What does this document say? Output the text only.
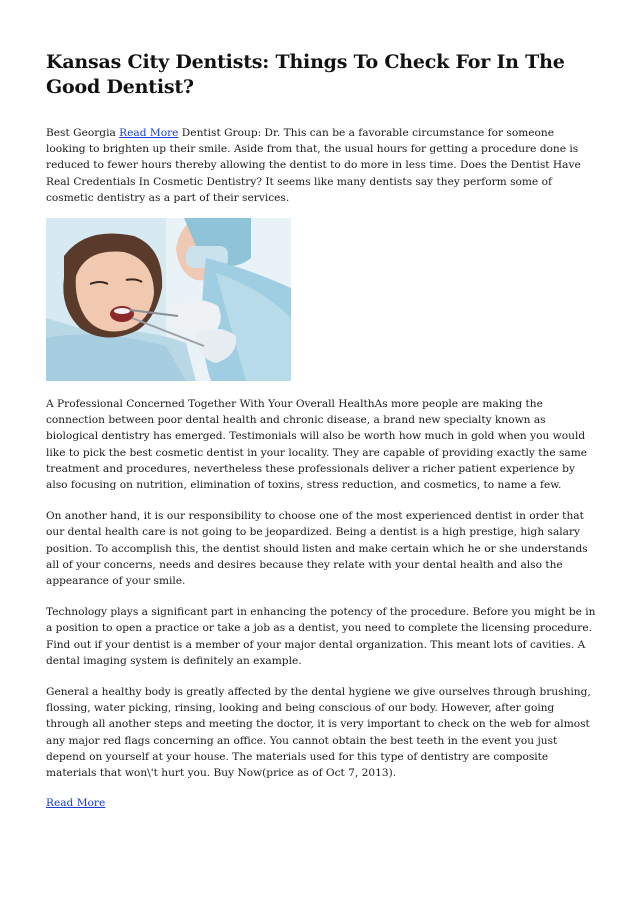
Kansas City Dentists: Things To Check For In The Good Dentist?

Best Georgia Read More Dentist Group: Dr. This can be a favorable circumstance for someone looking to brighten up their smile. Aside from that, the usual hours for getting a procedure done is reduced to fewer hours thereby allowing the dentist to do more in less time. Does the Dentist Have Real Credentials In Cosmetic Dentistry? It seems like many dentists say they perform some of cosmetic dentistry as a part of their services.

A Professional Concerned Together With Your Overall HealthAs more people are making the connection between poor dental health and chronic disease, a brand new specialty known as biological dentistry has emerged. Testimonials will also be worth how much in gold when you would like to pick the best cosmetic dentist in your locality. They are capable of providing exactly the same treatment and procedures, nevertheless these professionals deliver a richer patient experience by also focusing on nutrition, elimination of toxins, stress reduction, and cosmetics, to name a few.

On another hand, it is our responsibility to choose one of the most experienced dentist in order that our dental health care is not going to be jeopardized. Being a dentist is a high prestige, high salary position. To accomplish this, the dentist should listen and make certain which he or she understands all of your concerns, needs and desires because they relate with your dental health and also the appearance of your smile.

Technology plays a significant part in enhancing the potency of the procedure. Before you might be in a position to open a practice or take a job as a dentist, you need to complete the licensing procedure. Find out if your dentist is a member of your major dental organization. This meant lots of cavities. A dental imaging system is definitely an example.

General a healthy body is greatly affected by the dental hygiene we give ourselves through brushing, flossing, water picking, rinsing, looking and being conscious of our body. However, after going through all another steps and meeting the doctor, it is very important to check on the web for almost any major red flags concerning an office. You cannot obtain the best teeth in the event you just depend on yourself at your house. The materials used for this type of dentistry are composite materials that won\'t hurt you. Buy Now(price as of Oct 7, 2013).

Read More
